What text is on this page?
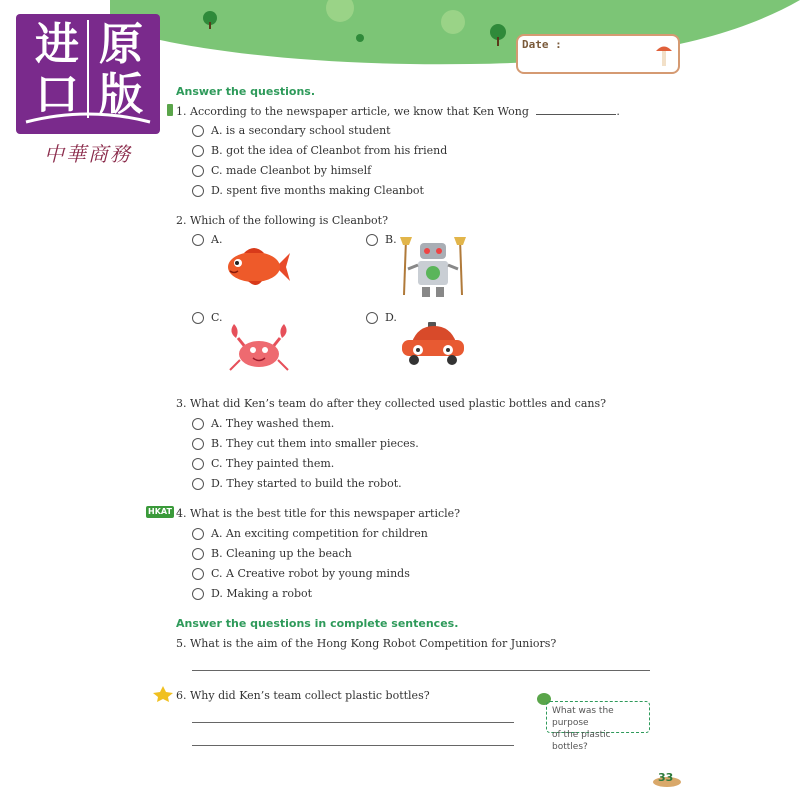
进 原
口 版
中華商務
Date :
Answer the questions.
1. According to the newspaper article, we know that Ken Wong	.
A. is a secondary school student
B. got the idea of Cleanbot from his friend
C. made Cleanbot by himself
D. spent five months making Cleanbot
2. Which of the following is Cleanbot?
A.	B.
C.	D.
3. What did Ken’s team do after they collected used plastic bottles and cans?
A. They washed them.
B. They cut them into smaller pieces.
C. They painted them.
D. They started to build the robot.
HKAT 4. What is the best title for this newspaper article?
A. An exciting competition for children
B. Cleaning up the beach
C. A Creative robot by young minds
D. Making a robot
Answer the questions in complete sentences.
5. What is the aim of the Hong Kong Robot Competition for Juniors?
6. Why did Ken’s team collect plastic bottles?
What was the purpose
of the plastic bottles?
33
